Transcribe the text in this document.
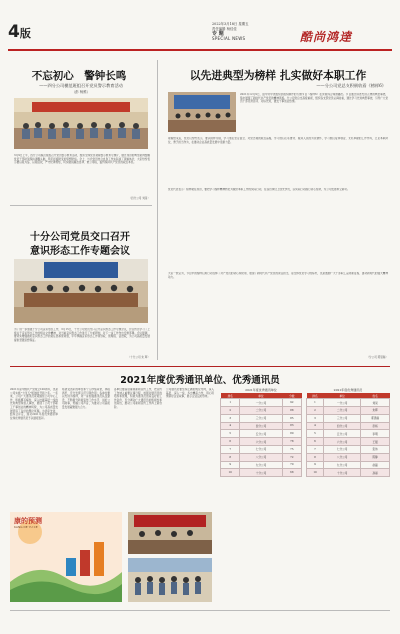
4版
2022年3月18日 星期五
责任编辑 杨佳佳
专 题
SPECIAL NEWS	酷尚鸿達
不忘初心　警钟长鸣
——四分公司模范班组召开党员警示教育活动
（彭 杨维）
3月9日上午，四分公司模范班组召开党员警示教育活动，组织全体党员观看警示教育专题片，通过身边的典型案例警醒党员干部时刻保持清醒头脑，筑牢拒腐防变的思想防线。会上，与会党员结合自身工作实际谈了观看体会，大家纷纷表示要以案为鉴、以案促改，严守纪律规矩，切实做到廉洁自律、秉公用权，始终保持共产党员的政治本色。
（四分公司 刘景）
十分公司党员交口召开
意识形态工作专题会议
为了进一步加强十分公司意识形态工作，3月15日，十分公司党员交口召开意识形态工作专题会议，会议传达学习了上级关于意识形态工作的相关文件精神，对当前意识形态工作进行了分析研判，对下一步工作作出安排部署。会议强调，要切实增强做好意识形态工作的责任感和使命感，牢牢掌握意识形态工作领导权、管理权、话语权，为公司高质量发展提供坚强思想保证。
（十分公司 朱 辉）
以先进典型为榜样 扎实做好本职工作
——分公司党总支积极收看《榜样6》
2021年12月9日，由中共中央组织部组织制作的专题节目《榜样6》在央视综合频道播出。节目通过讲述先进人物的典型事迹，集中展现了新时代共产党员的精神风貌。分公司党总支高度重视，组织各支部党员认真收看，通过学习先进典型事迹，引导广大党员干部见贤思齐、对标先进，激发干事创业热情。
观看结束后，党员们纷纷表示，要以榜样为镜，学习他们坚定信念、对党忠诚的政治品格，学习他们心系群众、服务人民的为民情怀，学习他们爱岗敬业、无私奉献的工作作风，立足本职岗位，勇于担当作为，在推动企业高质量发展中贡献力量。
党员代表表示：榜样就在身边，要把学习榜样精神转化为做好本职工作的实际行动，在各自岗位上创先争优，以实际行动践行初心使命，为公司发展再立新功。
大家一致认为，节目中的榜样们用行动诠释了共产党员的初心和使命，展现了新时代共产党员的责任担当，是全体党员学习的标杆，也是激励广大干部职工奋进新征程、建功新时代的强大精神动力。
（分公司 郭思瑞）
2021年度优秀通讯单位、优秀通讯员
2021年是中国共产党成立100周年，也是公司实施"十四五"规划的开局之年。一年来，公司广大通讯员紧紧围绕公司中心工作，积极撰写稿件，深入挖掘基层一线的先进典型和感人事迹，展现了公司干部职工干事创业的精神风貌，为公司高质量发展营造了良好的舆论氛围。为表彰先进，经综合评定，现对2021年度优秀通讯单位和优秀通讯员予以通报表彰。
希望受表彰的单位和个人珍惜荣誉，再接再厉，充分发挥示范引领作用；各单位要以先进为榜样，进一步加强通讯员队伍建设，不断提升新闻宣传工作水平，讲好公司故事，传播公司声音，为推动公司高质量发展凝聚强大合力。
各单位要高度重视新闻宣传工作，把宣传工作纳入重要议事日程，加强对通讯员的培养和管理，积极为通讯员创造良好的工作条件，充分调动广大通讯员的积极性和创造性，推动公司新闻宣传工作再上新台阶。
公司通讯员要坚持正确的舆论导向，深入基层、深入一线，多出精品力作，用心用情讲好企业故事，展示企业良好形象。
2021年度优秀通讯单位
排名	单位	分数
1	一分公司	92
2	二分公司	88
3	三分公司	85
4	四分公司	83
5	五分公司	80
6	六分公司	78
7	七分公司	75
8	八分公司	72
9	九分公司	70
10	十分公司	68
2021年度优秀通讯员
排名	单位	姓名
1	一分公司	刘景
2	二分公司	朱辉
3	三分公司	郭思瑞
4	四分公司	彭杨
5	五分公司	李明
6	六分公司	王强
7	七分公司	张伟
8	八分公司	陈静
9	九分公司	赵磊
10	十分公司	孙丽
康的预测
KANG DE YU CE
